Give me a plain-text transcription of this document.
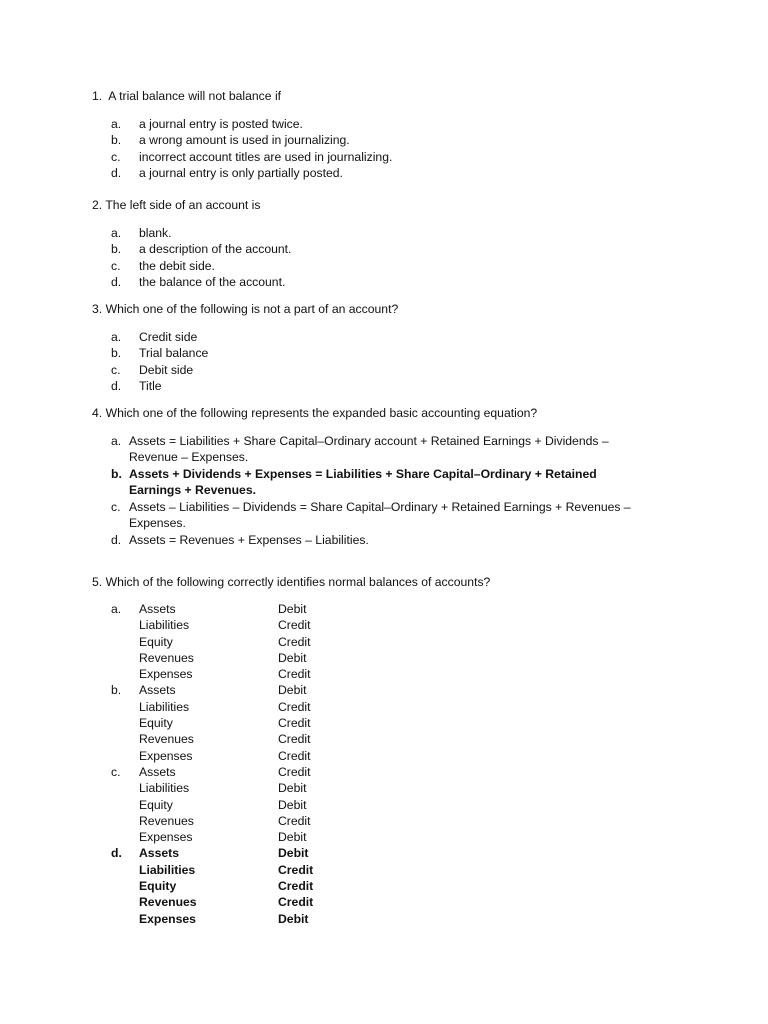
1. A trial balance will not balance if
a.	a journal entry is posted twice.
b.	a wrong amount is used in journalizing.
c.	incorrect account titles are used in journalizing.
d.	a journal entry is only partially posted.
2. The left side of an account is
a.	blank.
b.	a description of the account.
c.	the debit side.
d.	the balance of the account.
3. Which one of the following is not a part of an account?
a.	Credit side
b.	Trial balance
c.	Debit side
d.	Title
4. Which one of the following represents the expanded basic accounting equation?
a. Assets = Liabilities + Share Capital–Ordinary account + Retained Earnings + Dividends – Revenue – Expenses.
b. Assets + Dividends + Expenses = Liabilities + Share Capital–Ordinary + Retained Earnings + Revenues.
c. Assets – Liabilities – Dividends = Share Capital–Ordinary + Retained Earnings + Revenues – Expenses.
d. Assets = Revenues + Expenses – Liabilities.
5. Which of the following correctly identifies normal balances of accounts?
a.	Assets	Debit
Liabilities	Credit
Equity	Credit
Revenues	Debit
Expenses	Credit
b.	Assets	Debit
Liabilities	Credit
Equity	Credit
Revenues	Credit
Expenses	Credit
c.	Assets	Credit
Liabilities	Debit
Equity	Debit
Revenues	Credit
Expenses	Debit
d.	Assets	Debit
Liabilities	Credit
Equity	Credit
Revenues	Credit
Expenses	Debit
